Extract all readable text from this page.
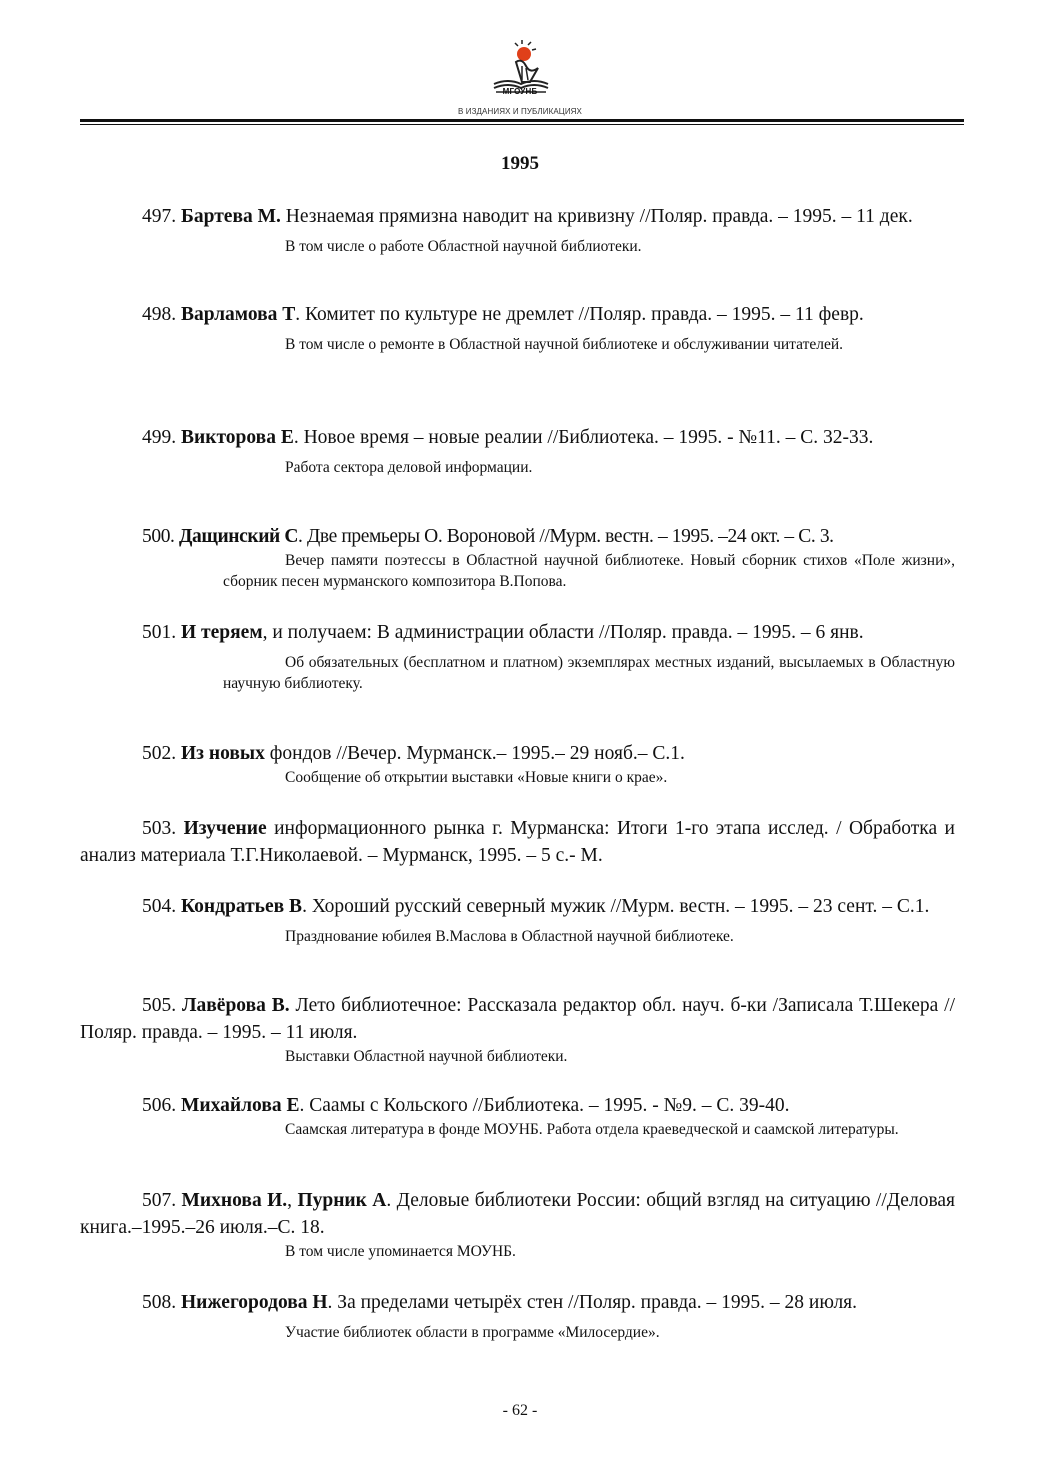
МГОУНБ
В ИЗДАНИЯХ И ПУБЛИКАЦИЯХ
1995

497. Бартева М. Незнаемая прямизна наводит на кривизну //Поляр. правда. – 1995. – 11 дек.

В том числе о работе Областной научной библиотеки.

498. Варламова Т. Комитет по культуре не дремлет //Поляр. правда. – 1995. – 11 февр.

В том числе о ремонте в Областной научной библиотеке и обслуживании читателей.

499. Викторова Е. Новое время – новые реалии //Библиотека. – 1995. - №11. – С. 32-33.

Работа сектора деловой информации.

500. Дащинский С. Две премьеры О. Вороновой //Мурм. вестн. – 1995. –24 окт. – С. 3.

Вечер памяти поэтессы в Областной научной библиотеке. Новый сборник стихов «Поле жизни», сборник песен мурманского композитора В.Попова.

501. И теряем, и получаем: В администрации области //Поляр. правда. – 1995. – 6 янв.

Об обязательных (бесплатном и платном) экземплярах местных изданий, высылаемых в Областную научную библиотеку.

502. Из новых фондов //Вечер. Мурманск.– 1995.– 29 нояб.– С.1.

Сообщение об открытии выставки «Новые книги о крае».

503. Изучение информационного рынка г. Мурманска: Итоги 1-го этапа исслед. / Обработка и анализ материала Т.Г.Николаевой. – Мурманск, 1995. – 5 с.- М.

504. Кондратьев В. Хороший русский северный мужик //Мурм. вестн. – 1995. – 23 сент. – С.1.

Празднование юбилея В.Маслова в Областной научной библиотеке.

505. Лавёрова В. Лето библиотечное: Рассказала редактор обл. науч. б-ки /Записала Т.Шекера //Поляр. правда. – 1995. – 11 июля.

Выставки Областной научной библиотеки.

506. Михайлова Е. Саамы с Кольского //Библиотека. – 1995. - №9. – С. 39-40.

Саамская литература в фонде МОУНБ. Работа отдела краеведческой и саамской литературы.

507. Михнова И., Пурник А. Деловые библиотеки России: общий взгляд на ситуацию //Деловая книга.–1995.–26 июля.–С. 18.

В том числе упоминается МОУНБ.

508. Нижегородова Н. За пределами четырёх стен //Поляр. правда. – 1995. – 28 июля.

Участие библиотек области в программе «Милосердие».

- 62 -
